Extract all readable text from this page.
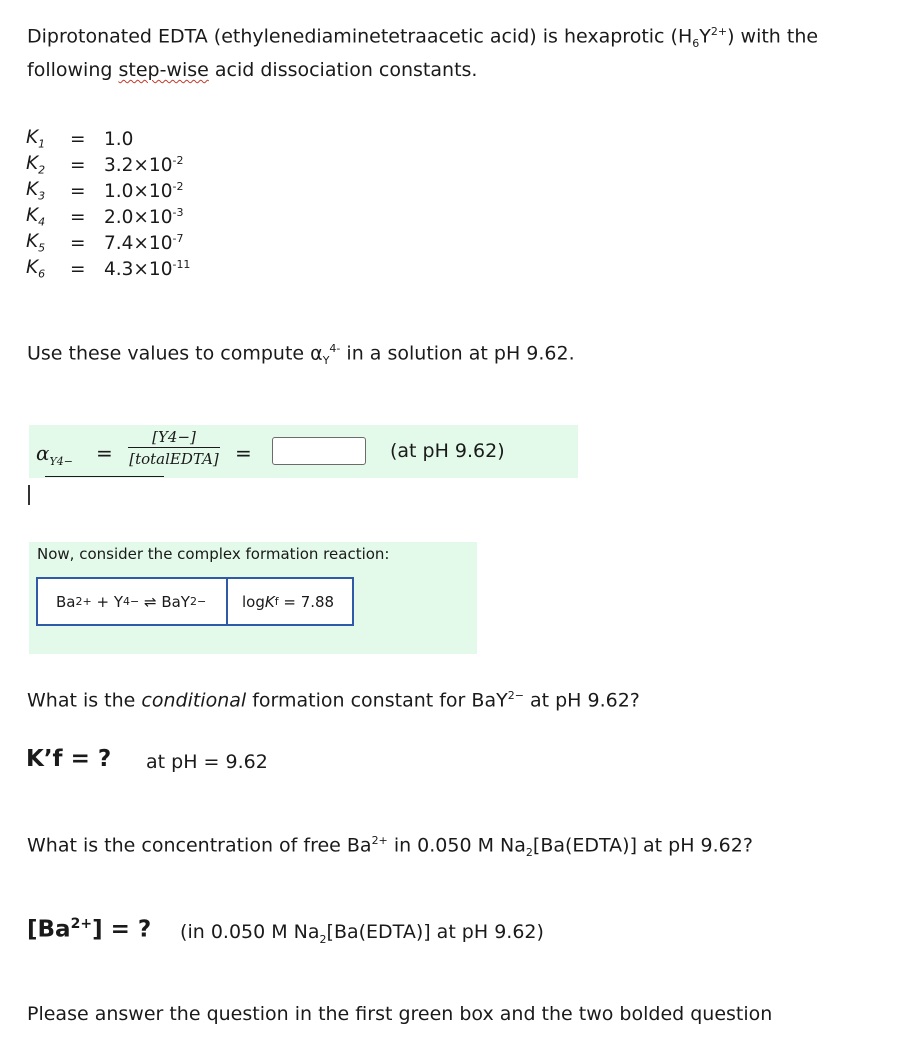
Diprotonated EDTA (ethylenediaminetetraacetic acid) is hexaprotic $(H_6Y^{2+})$ with the following step-wise acid dissociation constants.
$K_1$	= 1.0
$K_2$	= $3.2\times 10^{-2}$
$K_3$	= $1.0\times 10^{-2}$
$K_4$	= $2.0\times 10^{-3}$
$K_5$	= $7.4\times 10^{-7}$
$K_6$	= $4.3\times 10^{-11}$
Use these values to compute $\alpha_Y^{4-}$ in a solution at pH 9.62.
$\alpha_{Y4-}$ =
[Y4−]
[totalEDTA] =	(at pH 9.62)
Now, consider the complex formation reaction:
Ba 2+ + Y 4− ⇌ BaY 2− log K f = 7.88
What is the conditional formation constant for BaY$^{2-}$ at pH 9.62?
K’f = ? at pH = 9.62
What is the concentration of free $Ba^{2+}$ in 0.050 M $Na_2[Ba(EDTA)]$ at pH 9.62?
$[Ba^{2+}]$ = ? (in 0.050 M $Na_2[Ba(EDTA)]$ at pH 9.62)
Please answer the question in the first green box and the two bolded question
